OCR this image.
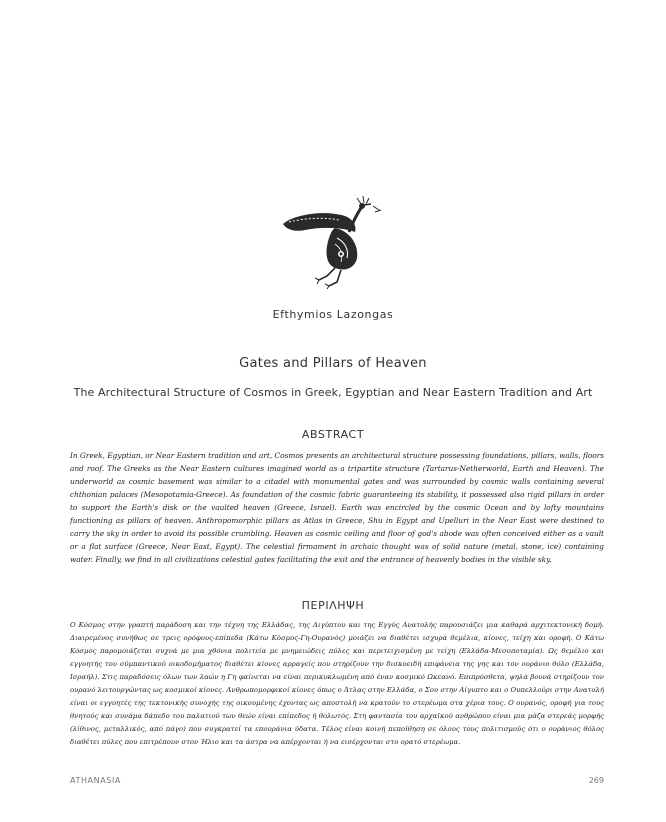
Efthymios Lazongas
Gates and Pillars of Heaven
The Architectural Structure of Cosmos in Greek, Egyptian and Near Eastern Tradition and Art
ABSTRACT
In Greek, Egyptian, or Near Eastern tradition and art, Cosmos presents an architectural structure possessing foundations, pillars, walls, floors and roof. The Greeks as the Near Eastern cultures imagined world as a tripartite structure (Tartarus-Netherworld, Earth and Heaven). The underworld as cosmic basement was similar to a citadel with monumental gates and was surrounded by cosmic walls containing several chthonian palaces (Mesopotamia-Greece). As foundation of the cosmic fabric guaranteeing its stability, it possessed also rigid pillars in order to support the Earth's disk or the vaulted heaven (Greece, Israel). Earth was encircled by the cosmic Ocean and by lofty mountains functioning as pillars of heaven. Anthropomorphic pillars as Atlas in Greece, Shu in Egypt and Upelluri in the Near East were destined to carry the sky in order to avoid its possible crumbling. Heaven as cosmic ceiling and floor of god's abode was often conceived either as a vault or a flat surface (Greece, Near East, Egypt). The celestial firmament in archaic thought was of solid nature (metal, stone, ice) containing water. Finally, we find in all civilizations celestial gates facilitating the exit and the entrance of heavenly bodies in the visible sky.
ΠΕΡΙΛΗΨΗ
Ο Κόσμος στην γραπτή παράδοση και την τέχνη της Ελλάδας, της Αιγύπτου και της Εγγύς Ανατολής παρουσιάζει μια καθαρά αρχιτεκτονική δομή. Διαιρεμένος συνήθως σε τρεις ορόφους-επίπεδα (Κάτω Κόσμος-Γη-Ουρανός) μοιάζει να διαθέτει ισχυρά θεμέλια, κίονες, τείχη και οροφή. Ο Κάτω Κόσμος παρομοιάζεται συχνά με μια χθόνια πολιτεία με μνημειώδεις πύλες και περιτειχισμένη με τείχη (Ελλάδα-Μεσοποταμία). Ως θεμέλιο και εγγυητής του σύμπαντικού οικοδομήματος διαθέτει κίονες αρραγείς που στηρίζουν την δισκοειδή επιφάνεια της γης και τον ουράνιο θόλο (Ελλάδα, Ισραήλ). Στις παραδόσεις όλων των λαών η Γη φαίνεται να είναι περικυκλωμένη από έναν κοσμικό Ωκεανό. Επιπρόσθετα, ψηλά βουνά στηρίζουν τον ουρανό λειτουργώντας ως κοσμικοί κίονες. Ανθρωπομορφικοί κίονες όπως ο Άτλας στην Ελλάδα, ο Σου στην Αίγυπτο και ο Ουπελλούρι στην Ανατολή είναι οι εγγυητές της τεκτονικής συνοχής της οικουμένης έχοντας ως αποστολή να κρατούν το στερέωμα στα χέρια τους. Ο ουρανός, οροφή για τους θνητούς και συνάμα δάπεδο του παλατιού των θεών είναι επίπεδος ή θολωτός. Στη φαντασία του αρχαϊκού ανθρώπου είναι μια μάζα στερεάς μορφής (λίθινος, μεταλλικός, από πάγο) που συγκρατεί τα επουράνια ύδατα. Τέλος είναι κοινή πεποίθηση σε όλους τους πολιτισμούς ότι ο ουράνιος θόλος διαθέτει πύλες που επιτρέπουν στον Ήλιο και τα άστρα να απέρχονται ή να εισέρχονται στο ορατό στερέωμα.
ATHANASIA	269
